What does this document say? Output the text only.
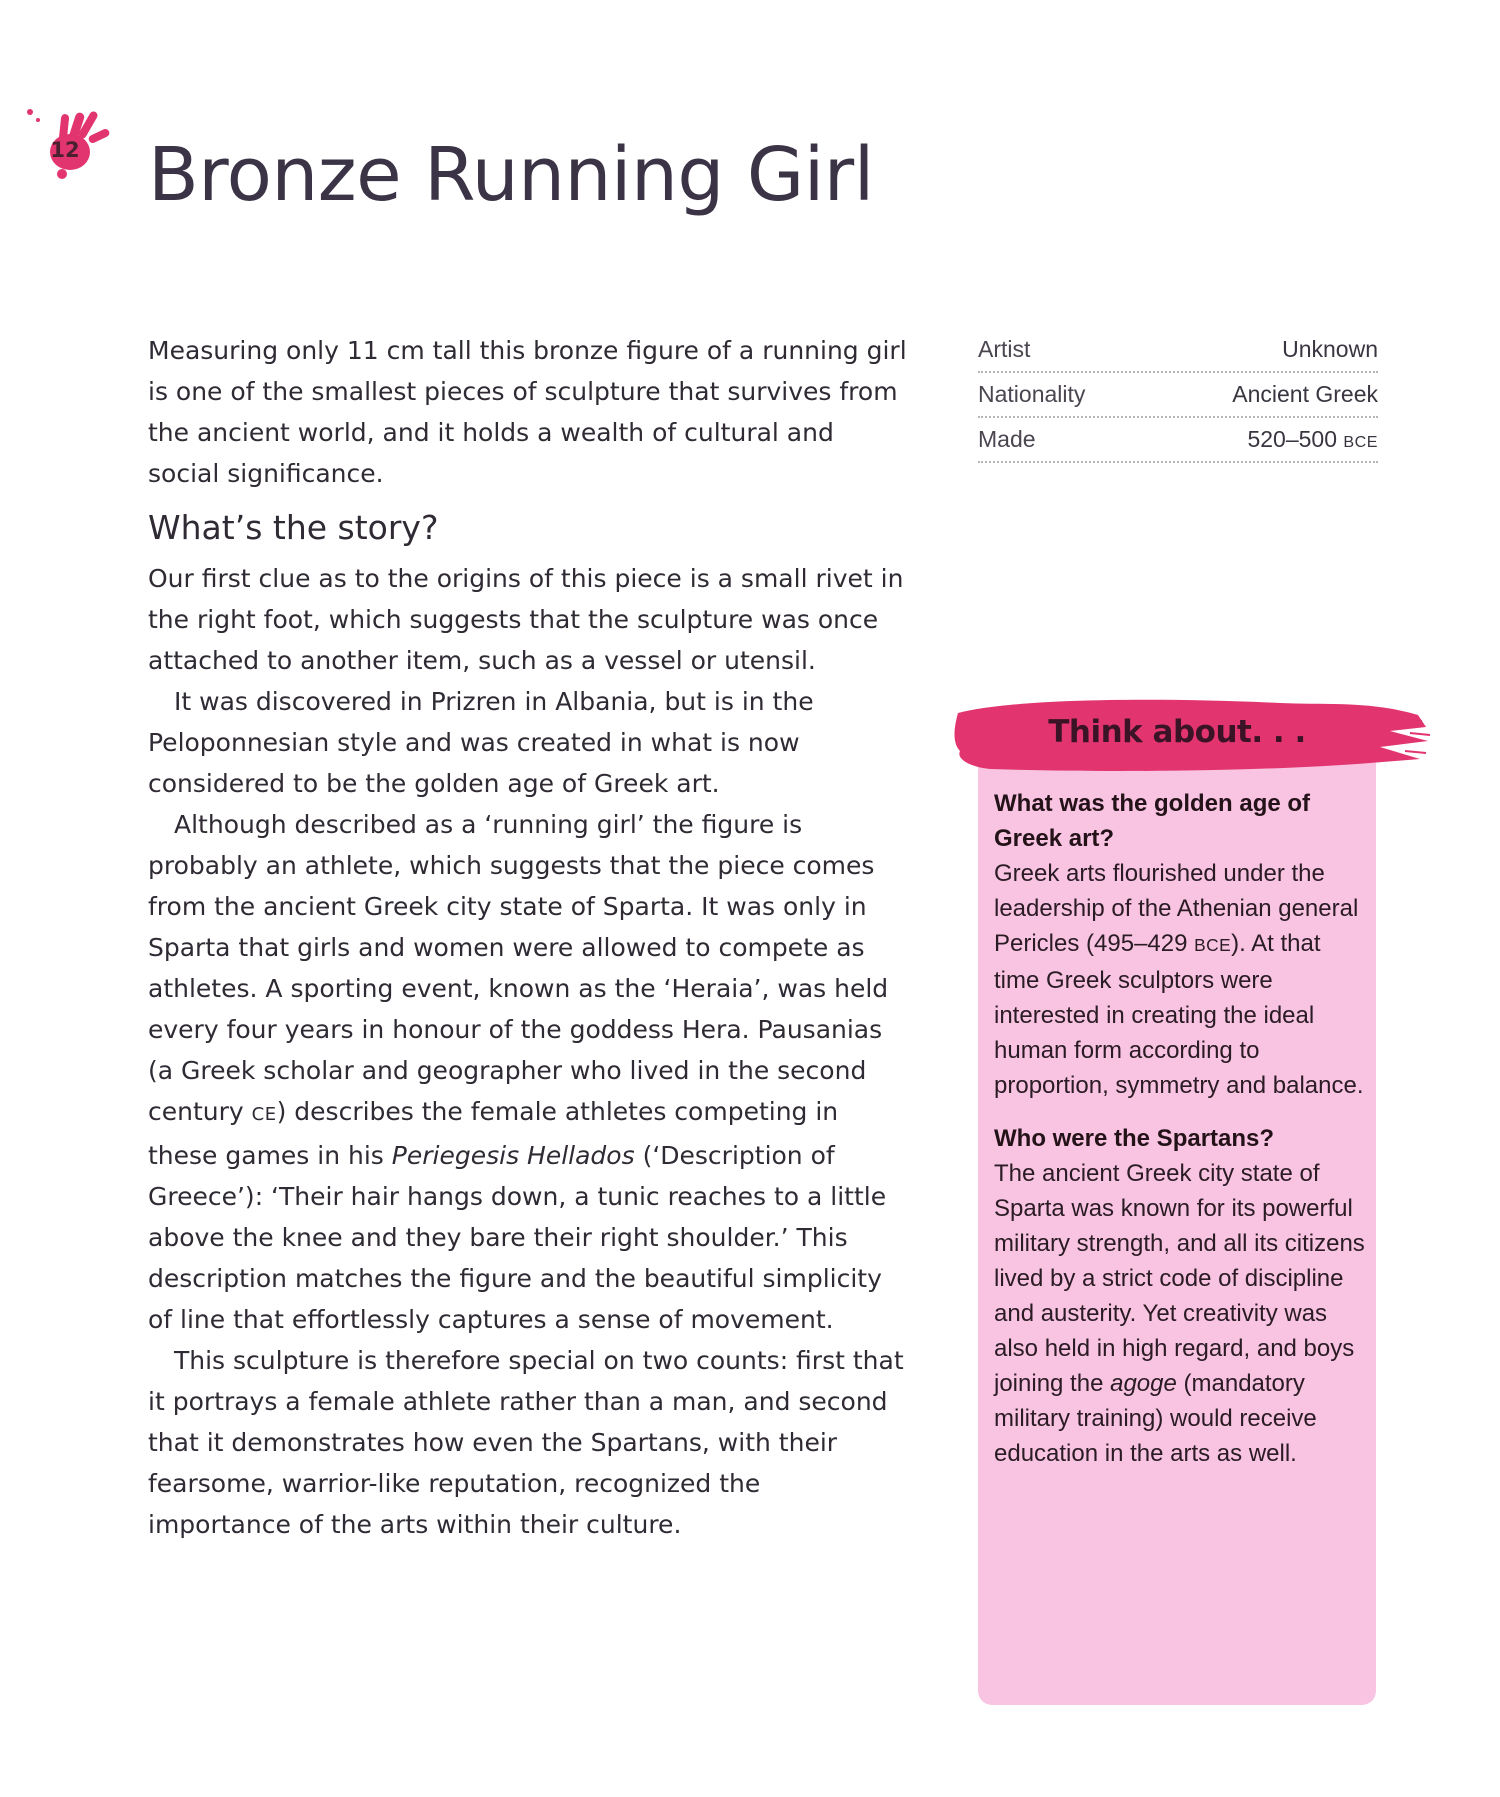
12 Bronze Running Girl

Measuring only 11 cm tall this bronze figure of a running girl is one of the smallest pieces of sculpture that survives from the ancient world, and it holds a wealth of cultural and social significance.

What’s the story?

Our first clue as to the origins of this piece is a small rivet in the right foot, which suggests that the sculpture was once attached to another item, such as a vessel or utensil.

It was discovered in Prizren in Albania, but is in the Peloponnesian style and was created in what is now considered to be the golden age of Greek art.

Although described as a ‘running girl’ the figure is probably an athlete, which suggests that the piece comes from the ancient Greek city state of Sparta. It was only in Sparta that girls and women were allowed to compete as athletes. A sporting event, known as the ‘Heraia’, was held every four years in honour of the goddess Hera. Pausanias (a Greek scholar and geographer who lived in the second century CE) describes the female athletes competing in these games in his Periegesis Hellados (‘Description of Greece’): ‘Their hair hangs down, a tunic reaches to a little above the knee and they bare their right shoulder.’ This description matches the figure and the beautiful simplicity of line that effortlessly captures a sense of movement.

This sculpture is therefore special on two counts: first that it portrays a female athlete rather than a man, and second that it demonstrates how even the Spartans, with their fearsome, warrior-like reputation, recognized the importance of the arts within their culture.

Artist	Unknown
Nationality	Ancient Greek
Made	520–500 BCE
Think about. . .

What was the golden age of Greek art?

Greek arts flourished under the leadership of the Athenian general Pericles (495–429 BCE). At that time Greek sculptors were interested in creating the ideal human form according to proportion, symmetry and balance.

Who were the Spartans?

The ancient Greek city state of Sparta was known for its powerful military strength, and all its citizens lived by a strict code of discipline and austerity. Yet creativity was also held in high regard, and boys joining the agoge (mandatory military training) would receive education in the arts as well.
